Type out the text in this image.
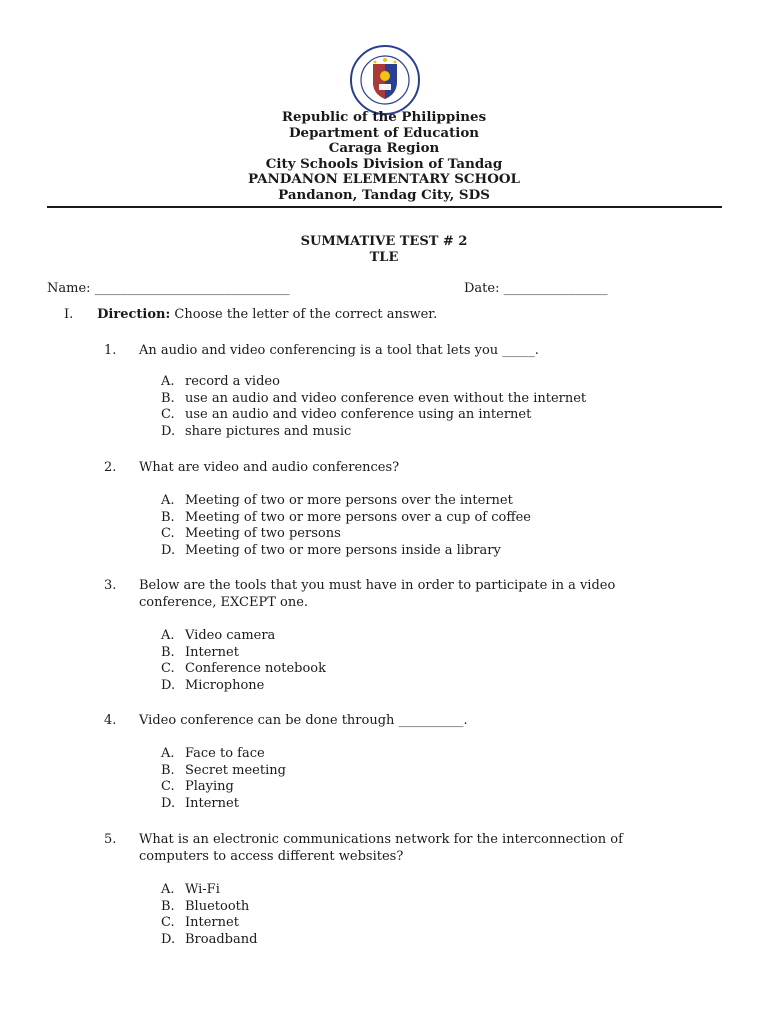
Republic of the Philippines
Department of Education
Caraga Region
City Schools Division of Tandag
PANDANON ELEMENTARY SCHOOL
Pandanon, Tandag City, SDS
SUMMATIVE TEST # 2
TLE
Name: ______________________________	Date: ________________
I. Direction: Choose the letter of the correct answer.
1.	An audio and video conferencing is a tool that lets you _____.
A. record a video
B. use an audio and video conference even without the internet
C. use an audio and video conference using an internet
D. share pictures and music
2.	What are video and audio conferences?
A. Meeting of two or more persons over the internet
B. Meeting of two or more persons over a cup of coffee
C. Meeting of two persons
D. Meeting of two or more persons inside a library
3.	Below are the tools that you must have in order to participate in a video conference, EXCEPT one.
A. Video camera
B. Internet
C. Conference notebook
D. Microphone
4.	Video conference can be done through __________.
A. Face to face
B. Secret meeting
C. Playing
D. Internet
5.	What is an electronic communications network for the interconnection of computers to access different websites?
A. Wi-Fi
B. Bluetooth
C. Internet
D. Broadband
